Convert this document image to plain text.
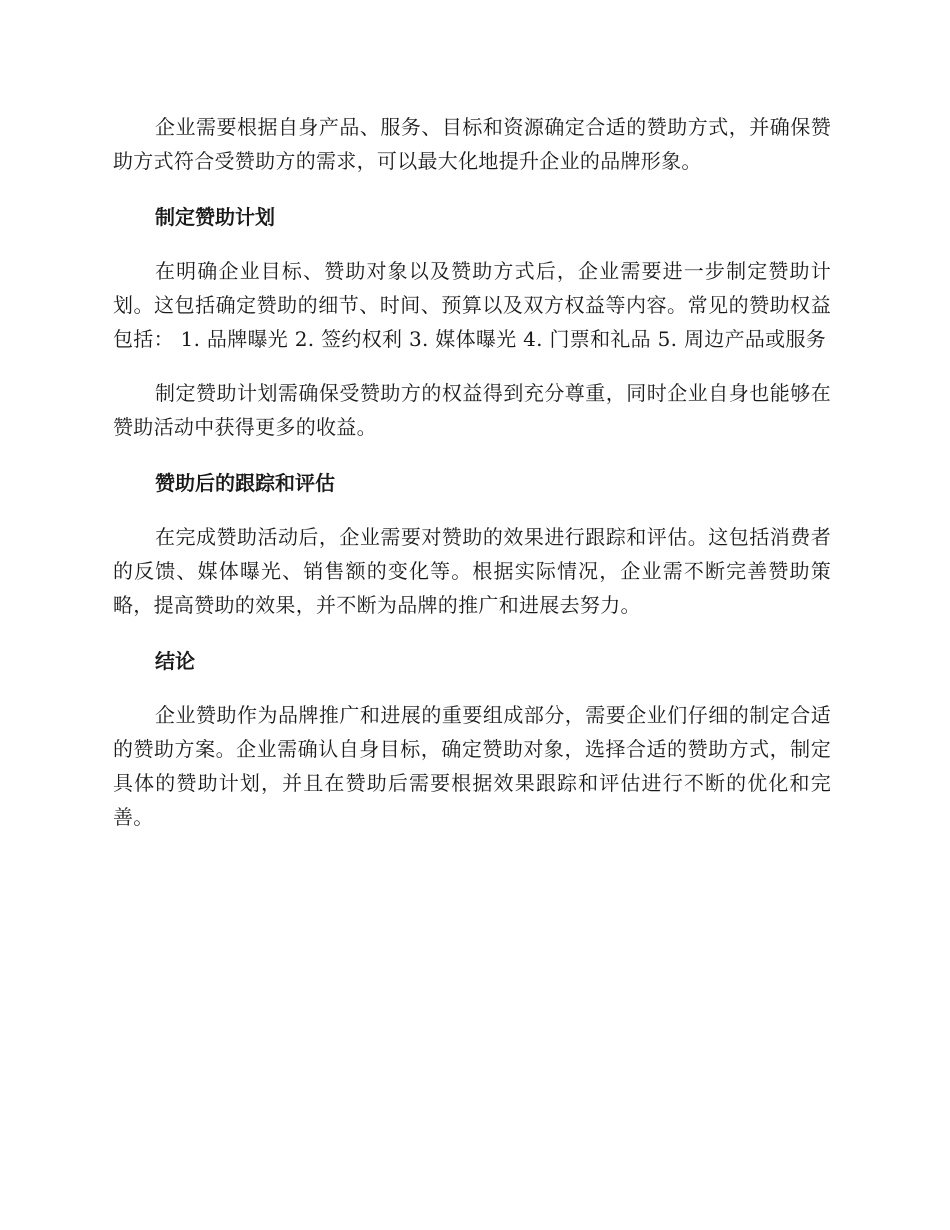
企业需要根据自身产品、服务、目标和资源确定合适的赞助方式，并确保赞助方式符合受赞助方的需求，可以最大化地提升企业的品牌形象。

制定赞助计划

在明确企业目标、赞助对象以及赞助方式后，企业需要进一步制定赞助计划。这包括确定赞助的细节、时间、预算以及双方权益等内容。常见的赞助权益包括： 1. 品牌曝光 2. 签约权利 3. 媒体曝光 4. 门票和礼品 5. 周边产品或服务

制定赞助计划需确保受赞助方的权益得到充分尊重，同时企业自身也能够在赞助活动中获得更多的收益。

赞助后的跟踪和评估

在完成赞助活动后，企业需要对赞助的效果进行跟踪和评估。这包括消费者的反馈、媒体曝光、销售额的变化等。根据实际情况，企业需不断完善赞助策略，提高赞助的效果，并不断为品牌的推广和进展去努力。

结论

企业赞助作为品牌推广和进展的重要组成部分，需要企业们仔细的制定合适的赞助方案。企业需确认自身目标，确定赞助对象，选择合适的赞助方式，制定具体的赞助计划，并且在赞助后需要根据效果跟踪和评估进行不断的优化和完善。
